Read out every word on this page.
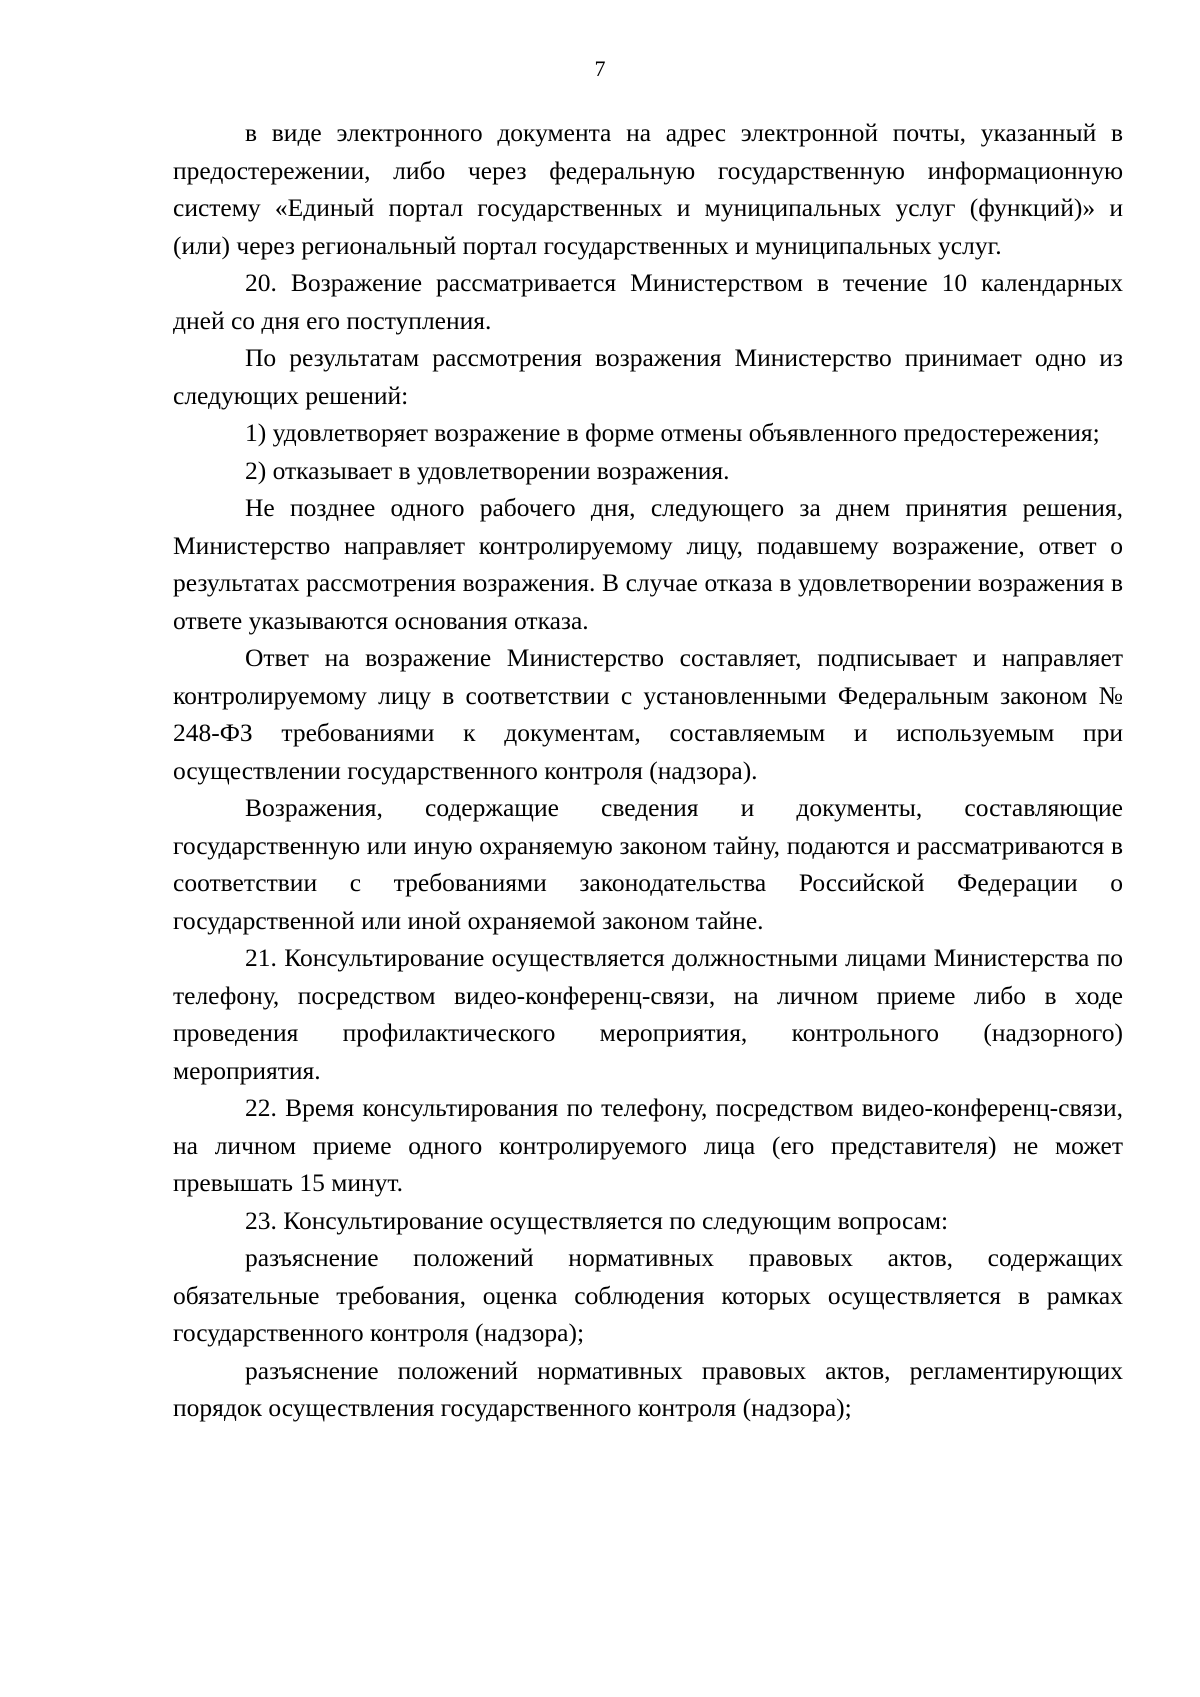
7

в виде электронного документа на адрес электронной почты, указанный в предостережении, либо через федеральную государственную информационную систему «Единый портал государственных и муниципальных услуг (функций)» и (или) через региональный портал государственных и муниципальных услуг.

20. Возражение рассматривается Министерством в течение 10 календарных дней со дня его поступления.

По результатам рассмотрения возражения Министерство принимает одно из следующих решений:

1) удовлетворяет возражение в форме отмены объявленного предостережения;

2) отказывает в удовлетворении возражения.

Не позднее одного рабочего дня, следующего за днем принятия решения, Министерство направляет контролируемому лицу, подавшему возражение, ответ о результатах рассмотрения возражения. В случае отказа в удовлетворении возражения в ответе указываются основания отказа.

Ответ на возражение Министерство составляет, подписывает и направляет контролируемому лицу в соответствии с установленными Федеральным законом № 248-ФЗ требованиями к документам, составляемым и используемым при осуществлении государственного контроля (надзора).

Возражения, содержащие сведения и документы, составляющие государственную или иную охраняемую законом тайну, подаются и рассматриваются в соответствии с требованиями законодательства Российской Федерации о государственной или иной охраняемой законом тайне.

21. Консультирование осуществляется должностными лицами Министерства по телефону, посредством видео-конференц-связи, на личном приеме либо в ходе проведения профилактического мероприятия, контрольного (надзорного) мероприятия.

22. Время консультирования по телефону, посредством видео-конференц-связи, на личном приеме одного контролируемого лица (его представителя) не может превышать 15 минут.

23. Консультирование осуществляется по следующим вопросам:

разъяснение положений нормативных правовых актов, содержащих обязательные требования, оценка соблюдения которых осуществляется в рамках государственного контроля (надзора);

разъяснение положений нормативных правовых актов, регламентирующих порядок осуществления государственного контроля (надзора);
